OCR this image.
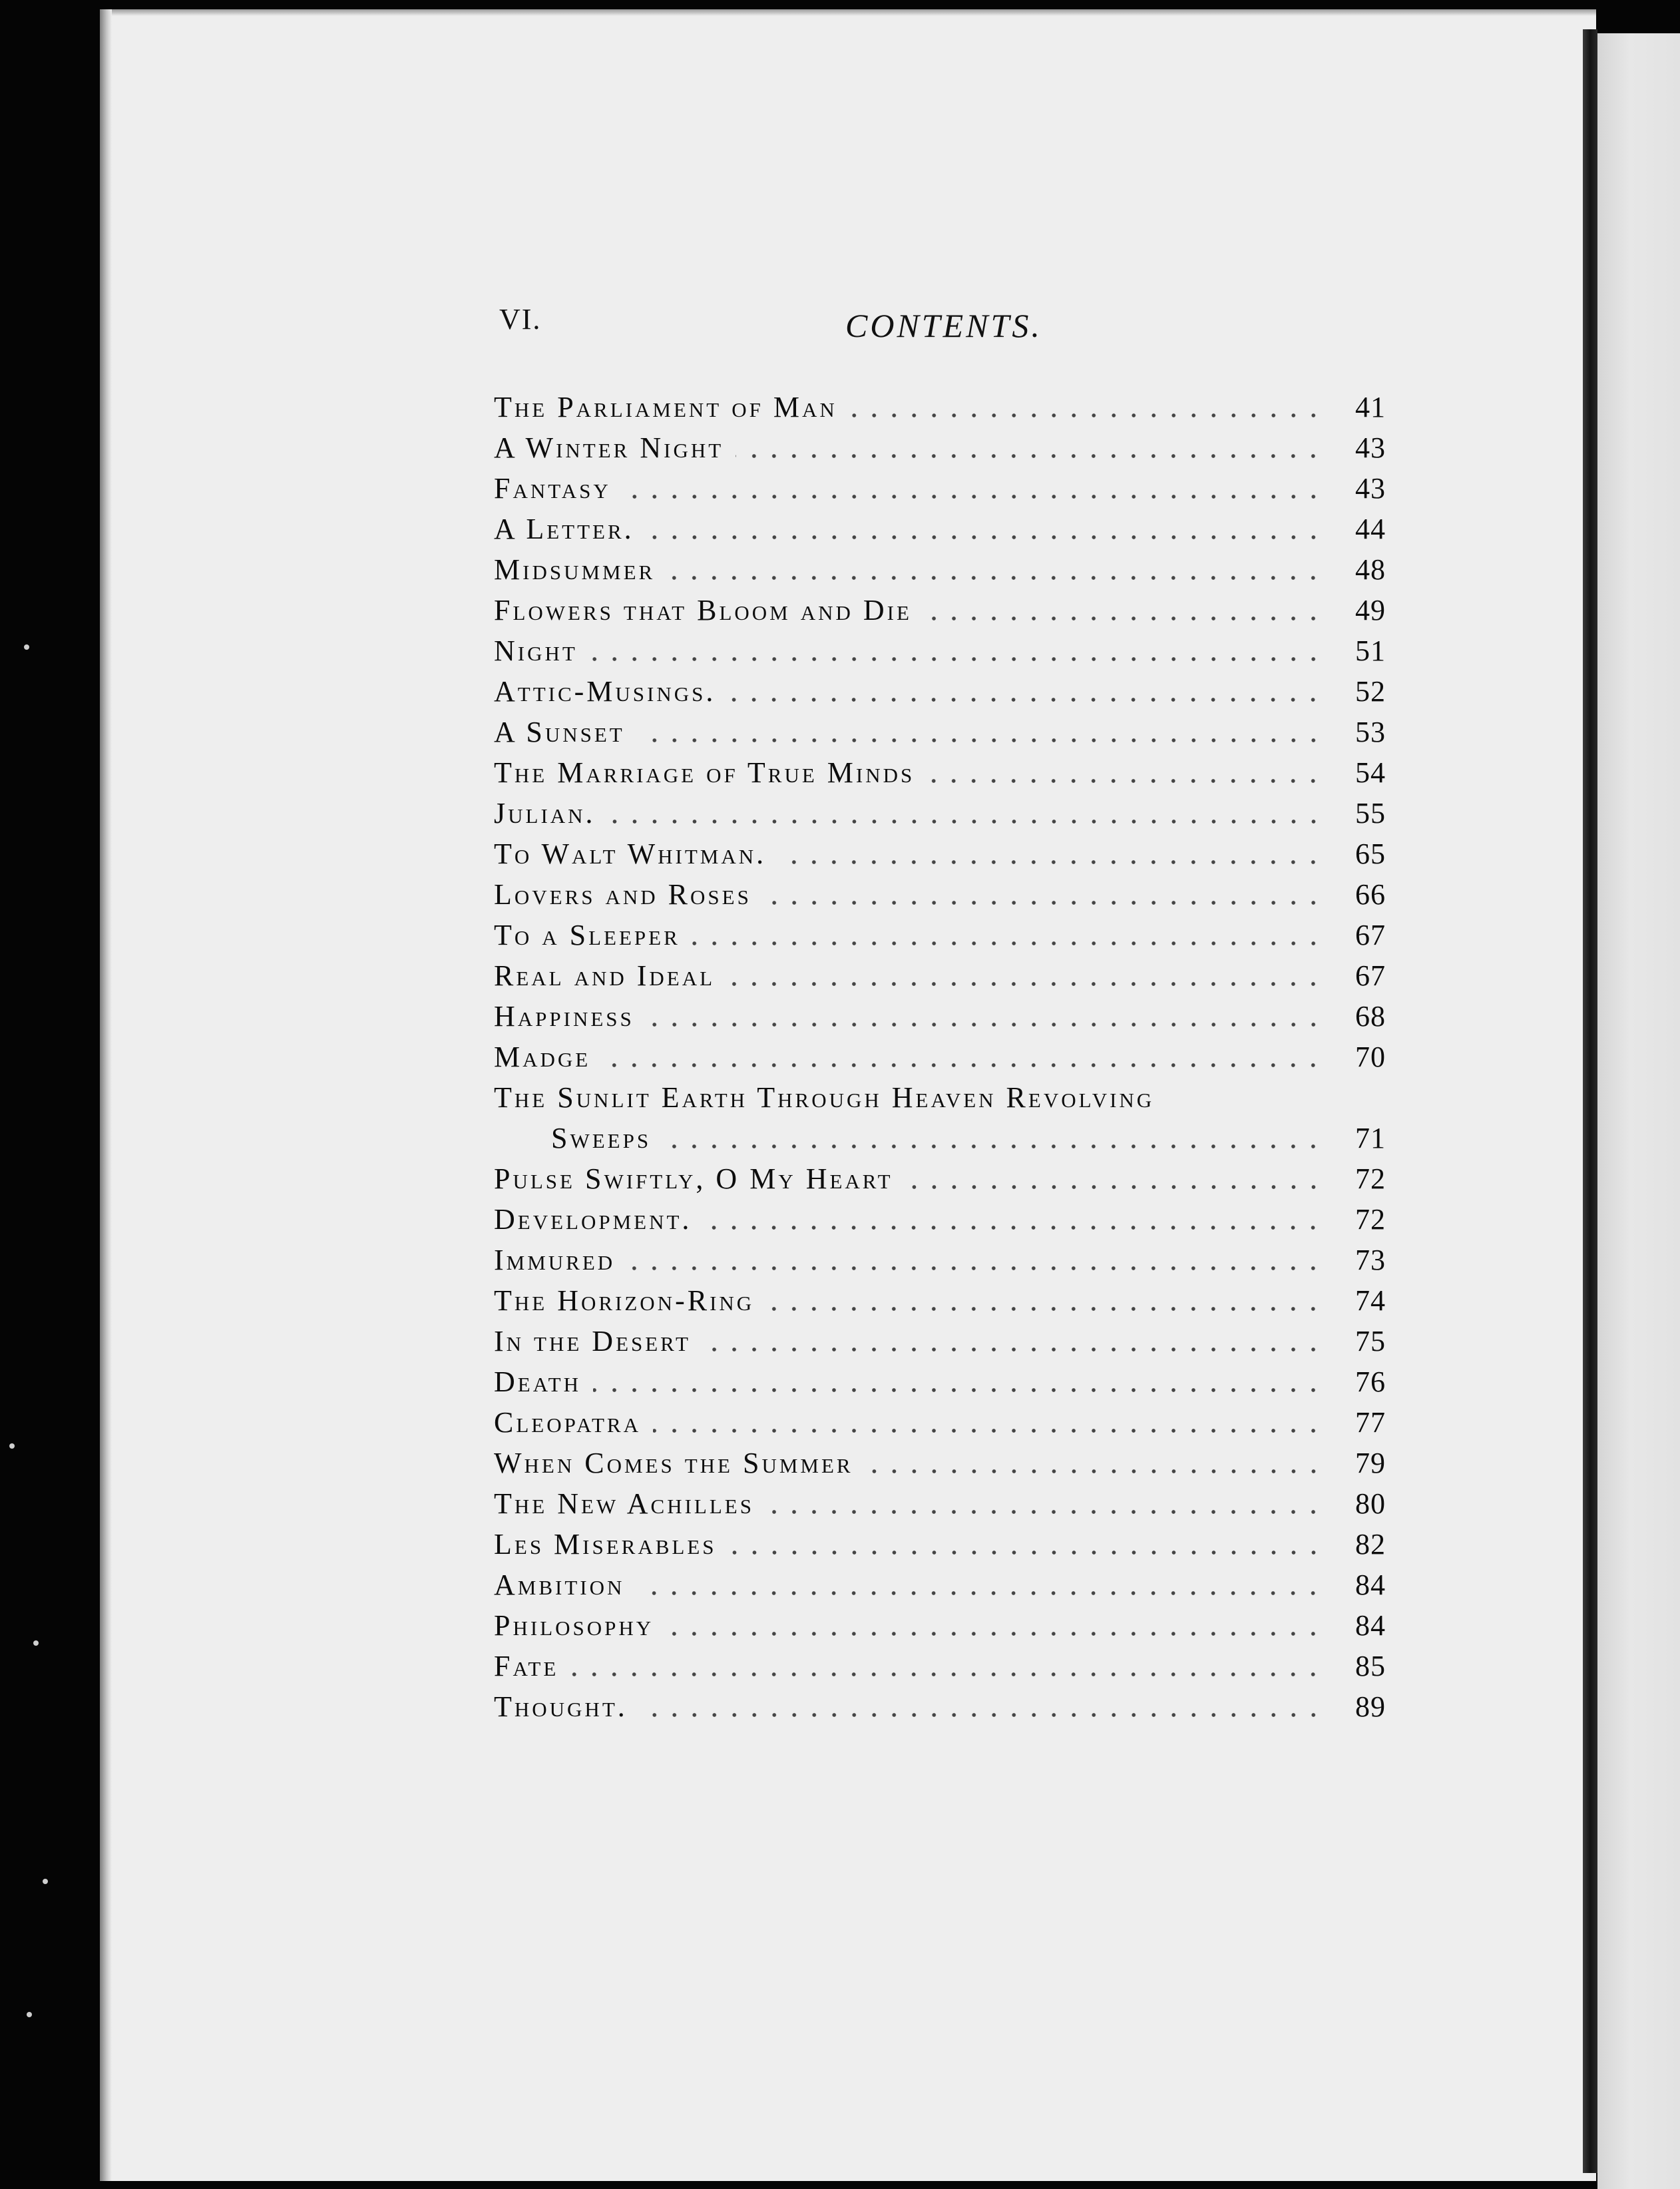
VI.	CONTENTS.
The Parliament of Man	41
A Winter Night	43
Fantasy	43
A Letter.	44
Midsummer	48
Flowers that Bloom and Die	49
Night	51
Attic-Musings.	52
A Sunset	53
The Marriage of True Minds	54
Julian.	55
To Walt Whitman.	65
Lovers and Roses	66
To a Sleeper	67
Real and Ideal	67
Happiness	68
Madge	70
The Sunlit Earth Through Heaven Revolving
Sweeps	71
Pulse Swiftly, O My Heart	72
Development.	72
Immured	73
The Horizon-Ring	74
In the Desert	75
Death	76
Cleopatra	77
When Comes the Summer	79
The New Achilles	80
Les Miserables	82
Ambition	84
Philosophy	84
Fate	85
Thought.	89
